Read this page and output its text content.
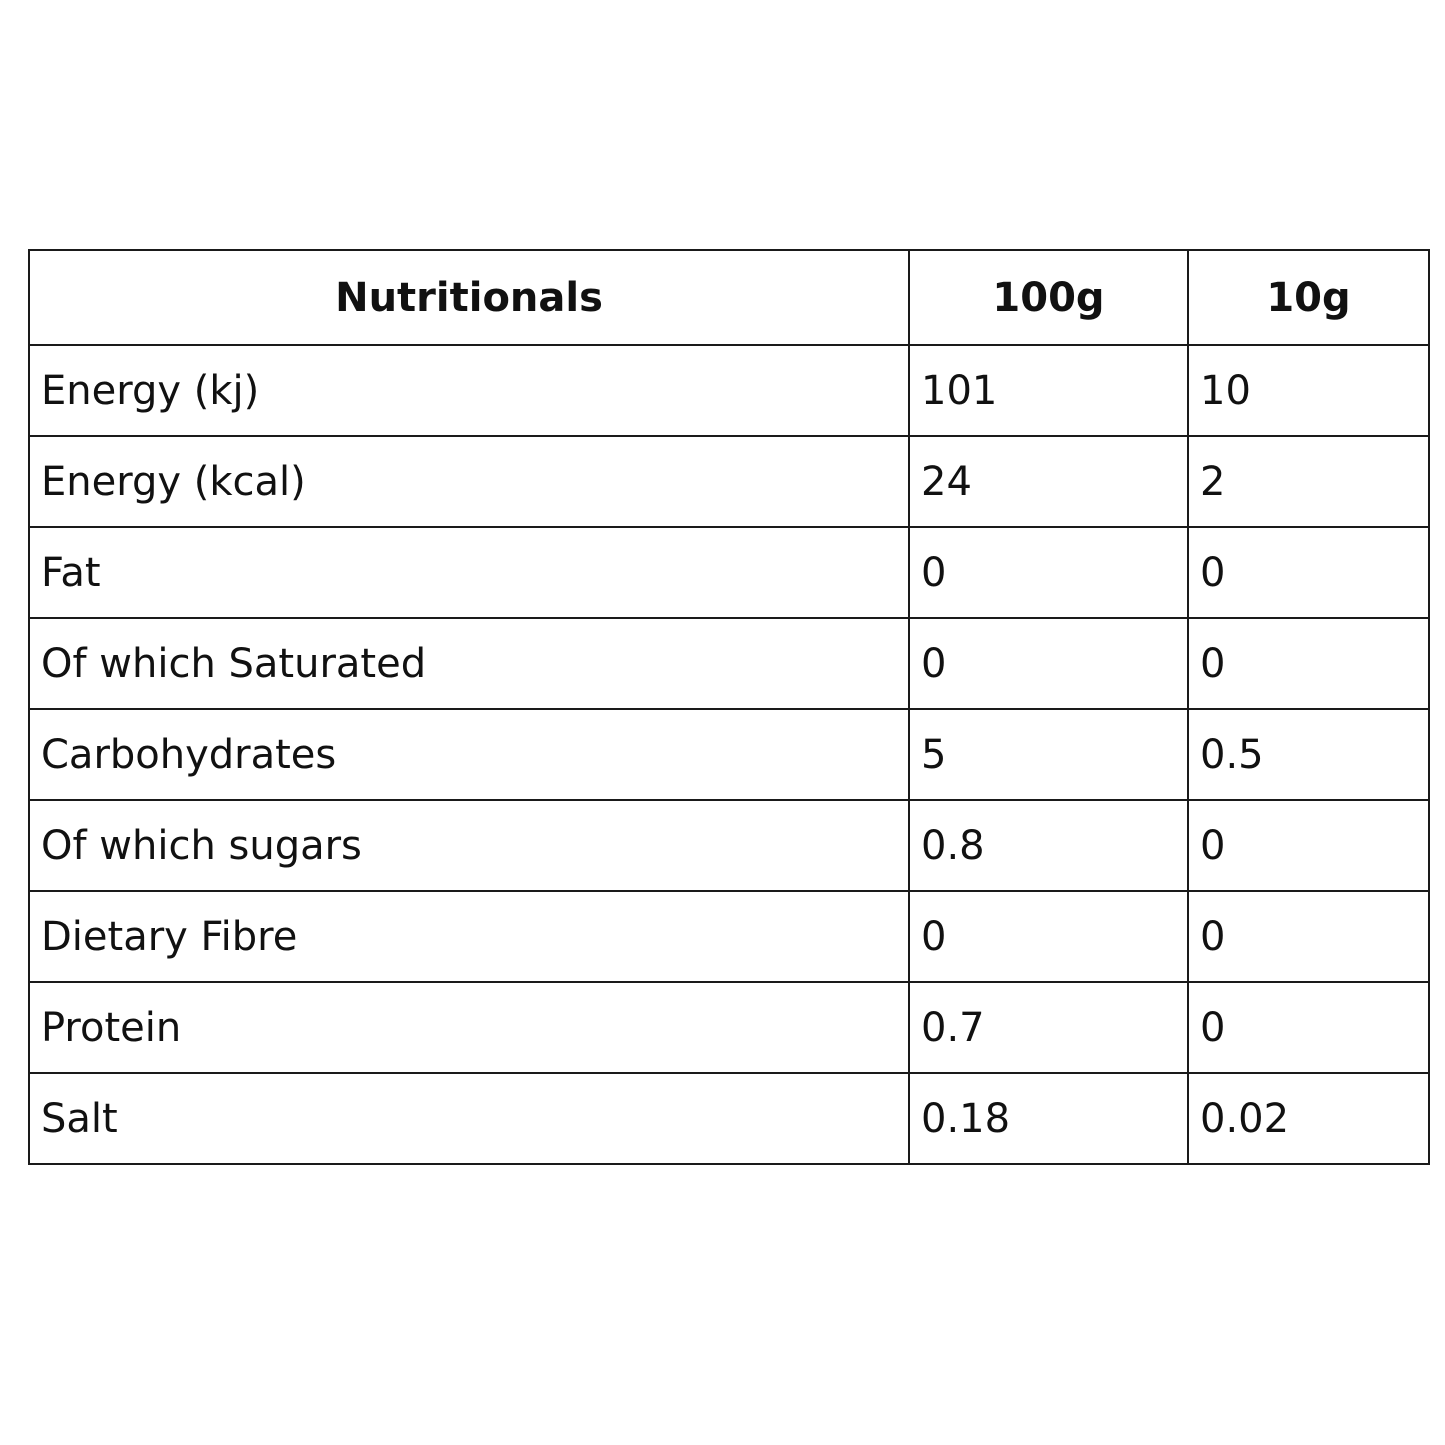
Nutritionals	100g	10g
Energy (kj)	101	10
Energy (kcal)	24	2
Fat	0	0
Of which Saturated	0	0
Carbohydrates	5	0.5
Of which sugars	0.8	0
Dietary Fibre	0	0
Protein	0.7	0
Salt	0.18	0.02
